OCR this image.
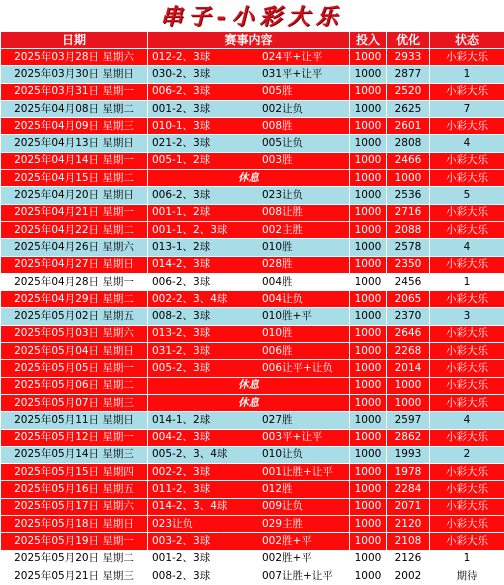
串子-小彩大乐
日期	赛事内容	投入	优化	状态
2025年03月28日 星期六	012-2、3球 024平+让平	1000	2933	小彩大乐
2025年03月30日 星期日	030-2、3球 031平+让平	1000	2877	1
2025年03月31日 星期一	006-2、3球 005胜	1000	2520	小彩大乐
2025年04月08日 星期二	001-2、3球 002让负	1000	2625	7
2025年04月09日 星期三	010-1、3球 008胜	1000	2601	小彩大乐
2025年04月13日 星期日	021-2、3球 005让负	1000	2808	4
2025年04月14日 星期一	005-1、2球 003胜	1000	2466	小彩大乐
2025年04月15日 星期二	休息	1000	1000	小彩大乐
2025年04月20日 星期日	006-2、3球 023让负	1000	2536	5
2025年04月21日 星期一	001-1、2球 008让胜	1000	2716	小彩大乐
2025年04月22日 星期二	001-1、2、3球 002主胜	1000	2088	小彩大乐
2025年04月26日 星期六	013-1、2球 010胜	1000	2578	4
2025年04月27日 星期日	014-2、3球 028胜	1000	2350	小彩大乐
2025年04月28日 星期一	006-2、3球 004胜	1000	2456	1
2025年04月29日 星期二	002-2、3、4球 004让负	1000	2065	小彩大乐
2025年05月02日 星期五	008-2、3球 010胜+平	1000	2370	3
2025年05月03日 星期六	013-2、3球 010胜	1000	2646	小彩大乐
2025年05月04日 星期日	031-2、3球 006胜	1000	2268	小彩大乐
2025年05月05日 星期一	005-2、3球 006让平+让负	1000	2014	小彩大乐
2025年05月06日 星期二	休息	1000	1000	小彩大乐
2025年05月07日 星期三	休息	1000	1000	小彩大乐
2025年05月11日 星期日	014-1、2球 027胜	1000	2597	4
2025年05月12日 星期一	004-2、3球 003平+让平	1000	2862	小彩大乐
2025年05月14日 星期三	005-2、3、4球 010让负	1000	1993	2
2025年05月15日 星期四	002-2、3球 001让胜+让平	1000	1978	小彩大乐
2025年05月16日 星期五	011-2、3球 012胜	1000	2284	小彩大乐
2025年05月17日 星期六	014-2、3、4球 009让负	1000	2071	小彩大乐
2025年05月18日 星期日	023让负 029主胜	1000	2120	小彩大乐
2025年05月19日 星期一	003-2、3球 002胜+平	1000	2108	小彩大乐
2025年05月20日 星期二	001-2、3球 002胜+平	1000	2126	1
2025年05月21日 星期三	008-2、3球 007让胜+让平	1000	2002	期待
